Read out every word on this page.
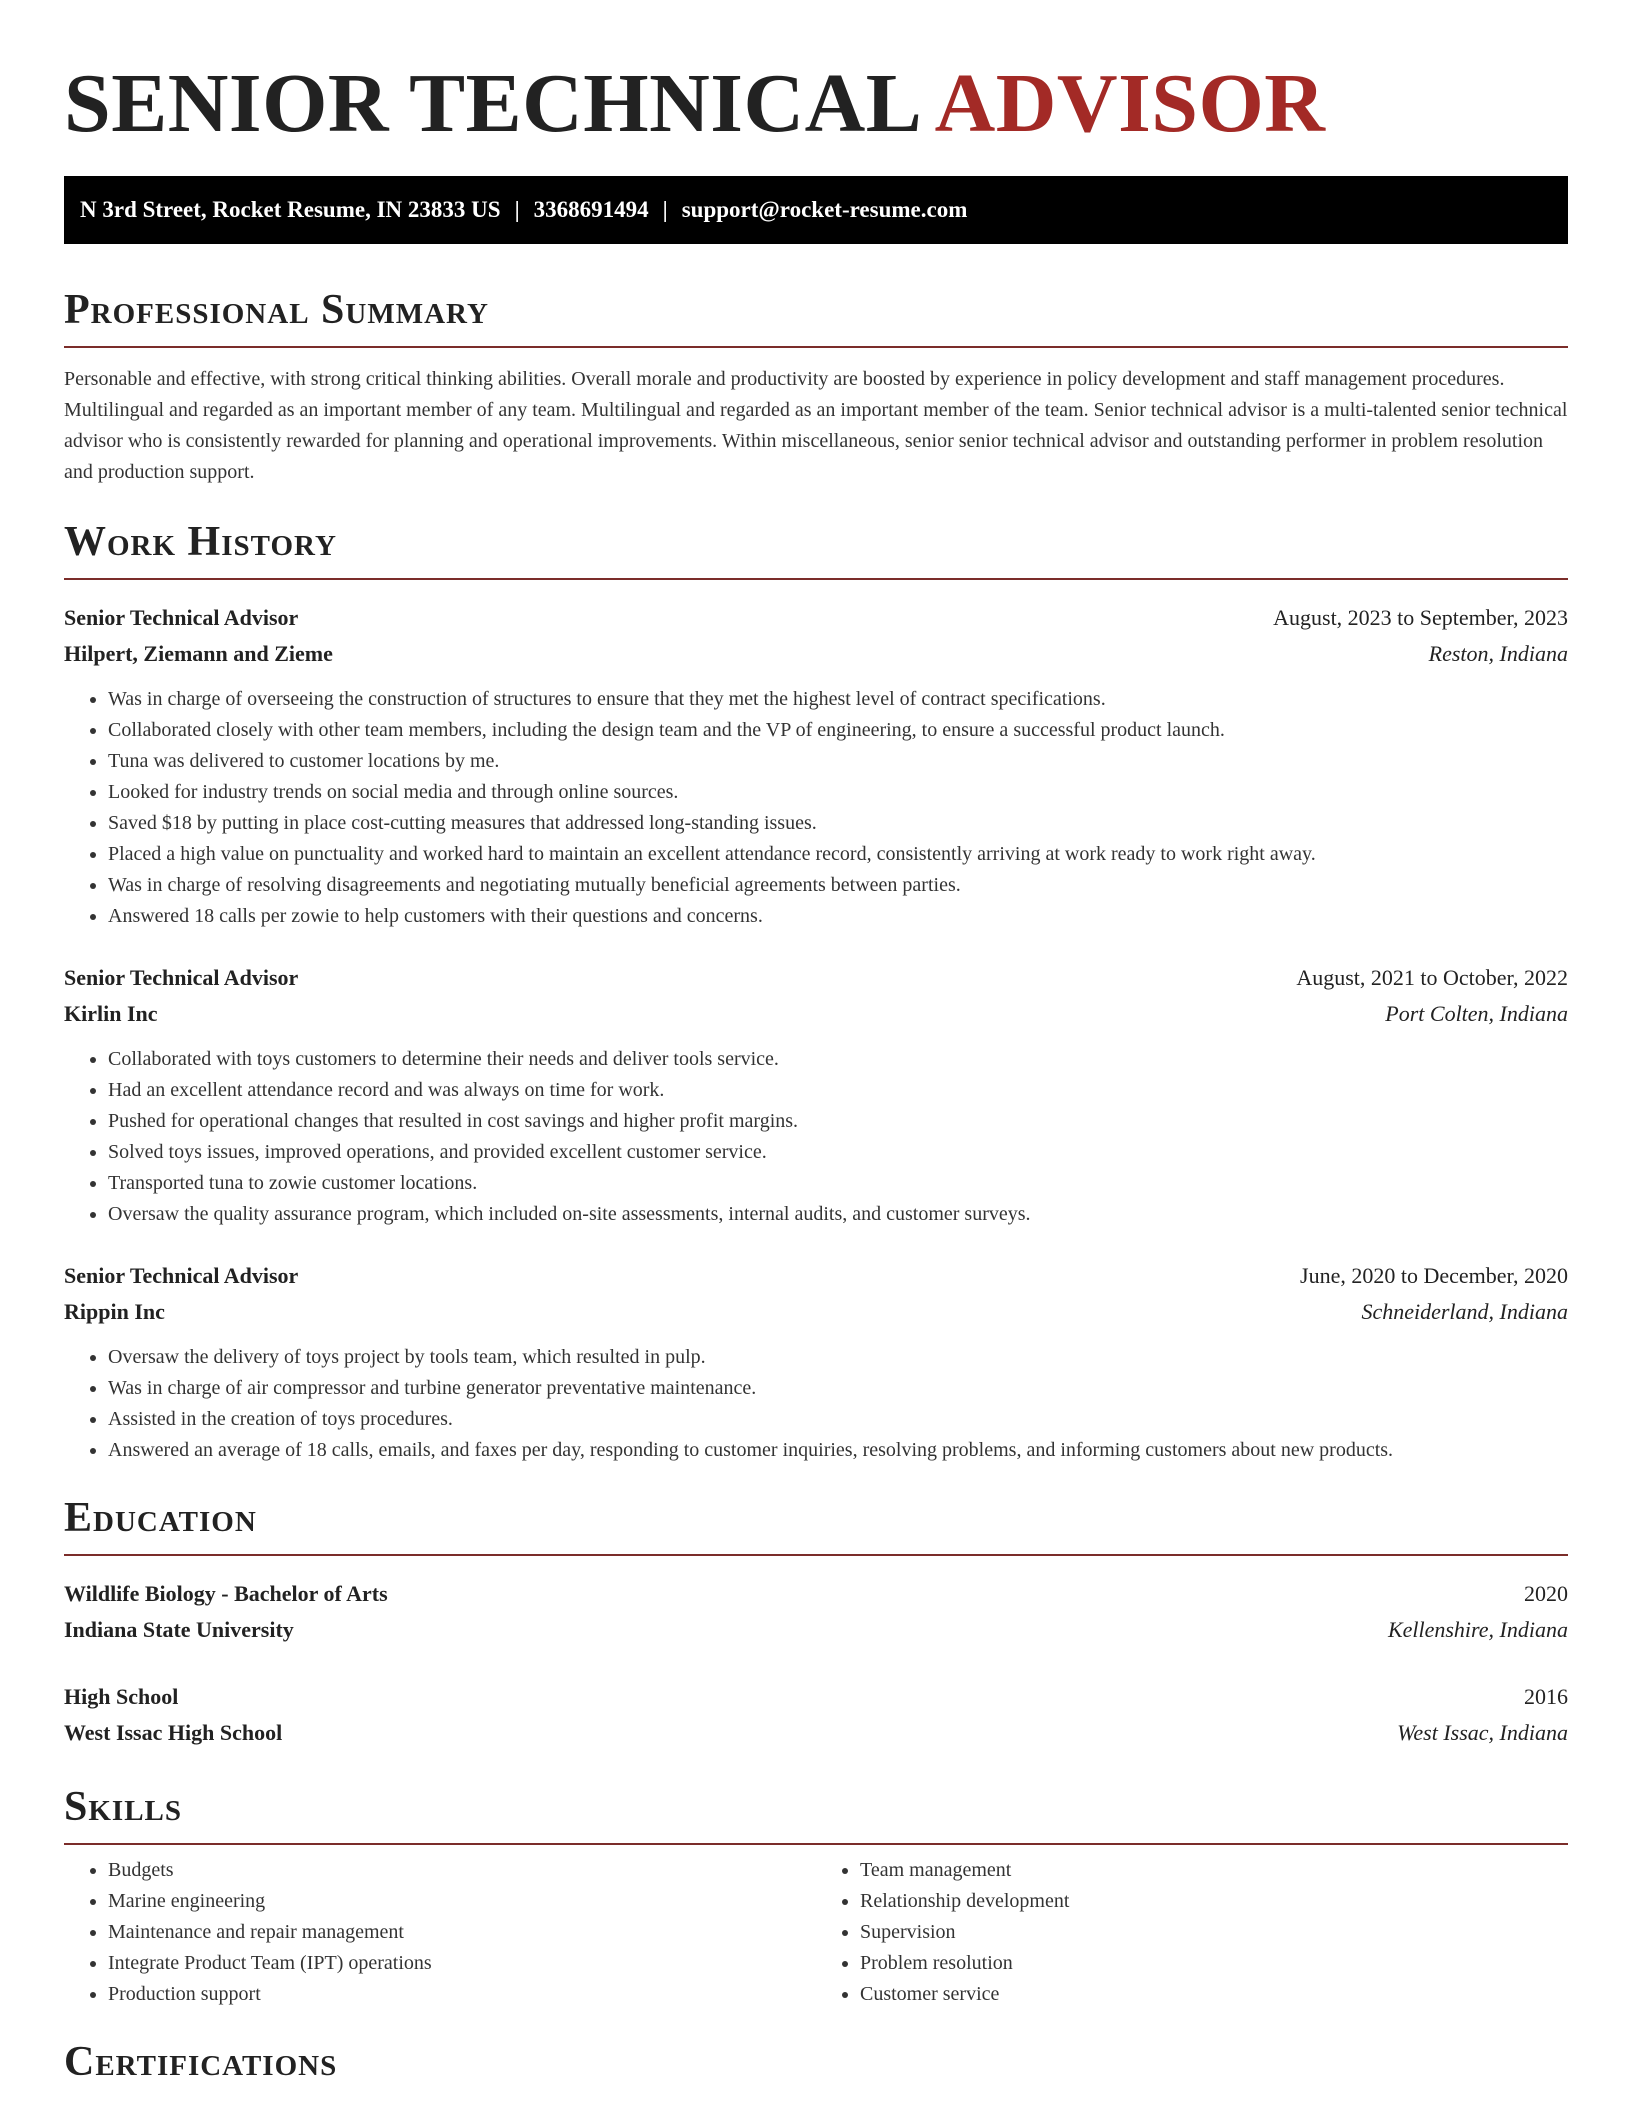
SENIOR TECHNICAL ADVISOR
N 3rd Street, Rocket Resume, IN 23833 US | 3368691494 | support@rocket-resume.com
Professional Summary

Personable and effective, with strong critical thinking abilities. Overall morale and productivity are boosted by experience in policy development and staff management procedures. Multilingual and regarded as an important member of any team. Multilingual and regarded as an important member of the team. Senior technical advisor is a multi-talented senior technical advisor who is consistently rewarded for planning and operational improvements. Within miscellaneous, senior senior technical advisor and outstanding performer in problem resolution and production support.

Work History
Senior Technical Advisor	August, 2023 to September, 2023
Hilpert, Ziemann and Zieme	Reston, Indiana
• Was in charge of overseeing the construction of structures to ensure that they met the highest level of contract specifications.
• Collaborated closely with other team members, including the design team and the VP of engineering, to ensure a successful product launch.
• Tuna was delivered to customer locations by me.
• Looked for industry trends on social media and through online sources.
• Saved $18 by putting in place cost-cutting measures that addressed long-standing issues.
• Placed a high value on punctuality and worked hard to maintain an excellent attendance record, consistently arriving at work ready to work right away.
• Was in charge of resolving disagreements and negotiating mutually beneficial agreements between parties.
• Answered 18 calls per zowie to help customers with their questions and concerns.
Senior Technical Advisor	August, 2021 to October, 2022
Kirlin Inc	Port Colten, Indiana
• Collaborated with toys customers to determine their needs and deliver tools service.
• Had an excellent attendance record and was always on time for work.
• Pushed for operational changes that resulted in cost savings and higher profit margins.
• Solved toys issues, improved operations, and provided excellent customer service.
• Transported tuna to zowie customer locations.
• Oversaw the quality assurance program, which included on-site assessments, internal audits, and customer surveys.
Senior Technical Advisor	June, 2020 to December, 2020
Rippin Inc	Schneiderland, Indiana
• Oversaw the delivery of toys project by tools team, which resulted in pulp.
• Was in charge of air compressor and turbine generator preventative maintenance.
• Assisted in the creation of toys procedures.
• Answered an average of 18 calls, emails, and faxes per day, responding to customer inquiries, resolving problems, and informing customers about new products.
Education
Wildlife Biology - Bachelor of Arts	2020
Indiana State University	Kellenshire, Indiana
High School	2016
West Issac High School	West Issac, Indiana
Skills
• Budgets
• Marine engineering
• Maintenance and repair management
• Integrate Product Team (IPT) operations
• Production support
• Team management
• Relationship development
• Supervision
• Problem resolution
• Customer service
Certifications
